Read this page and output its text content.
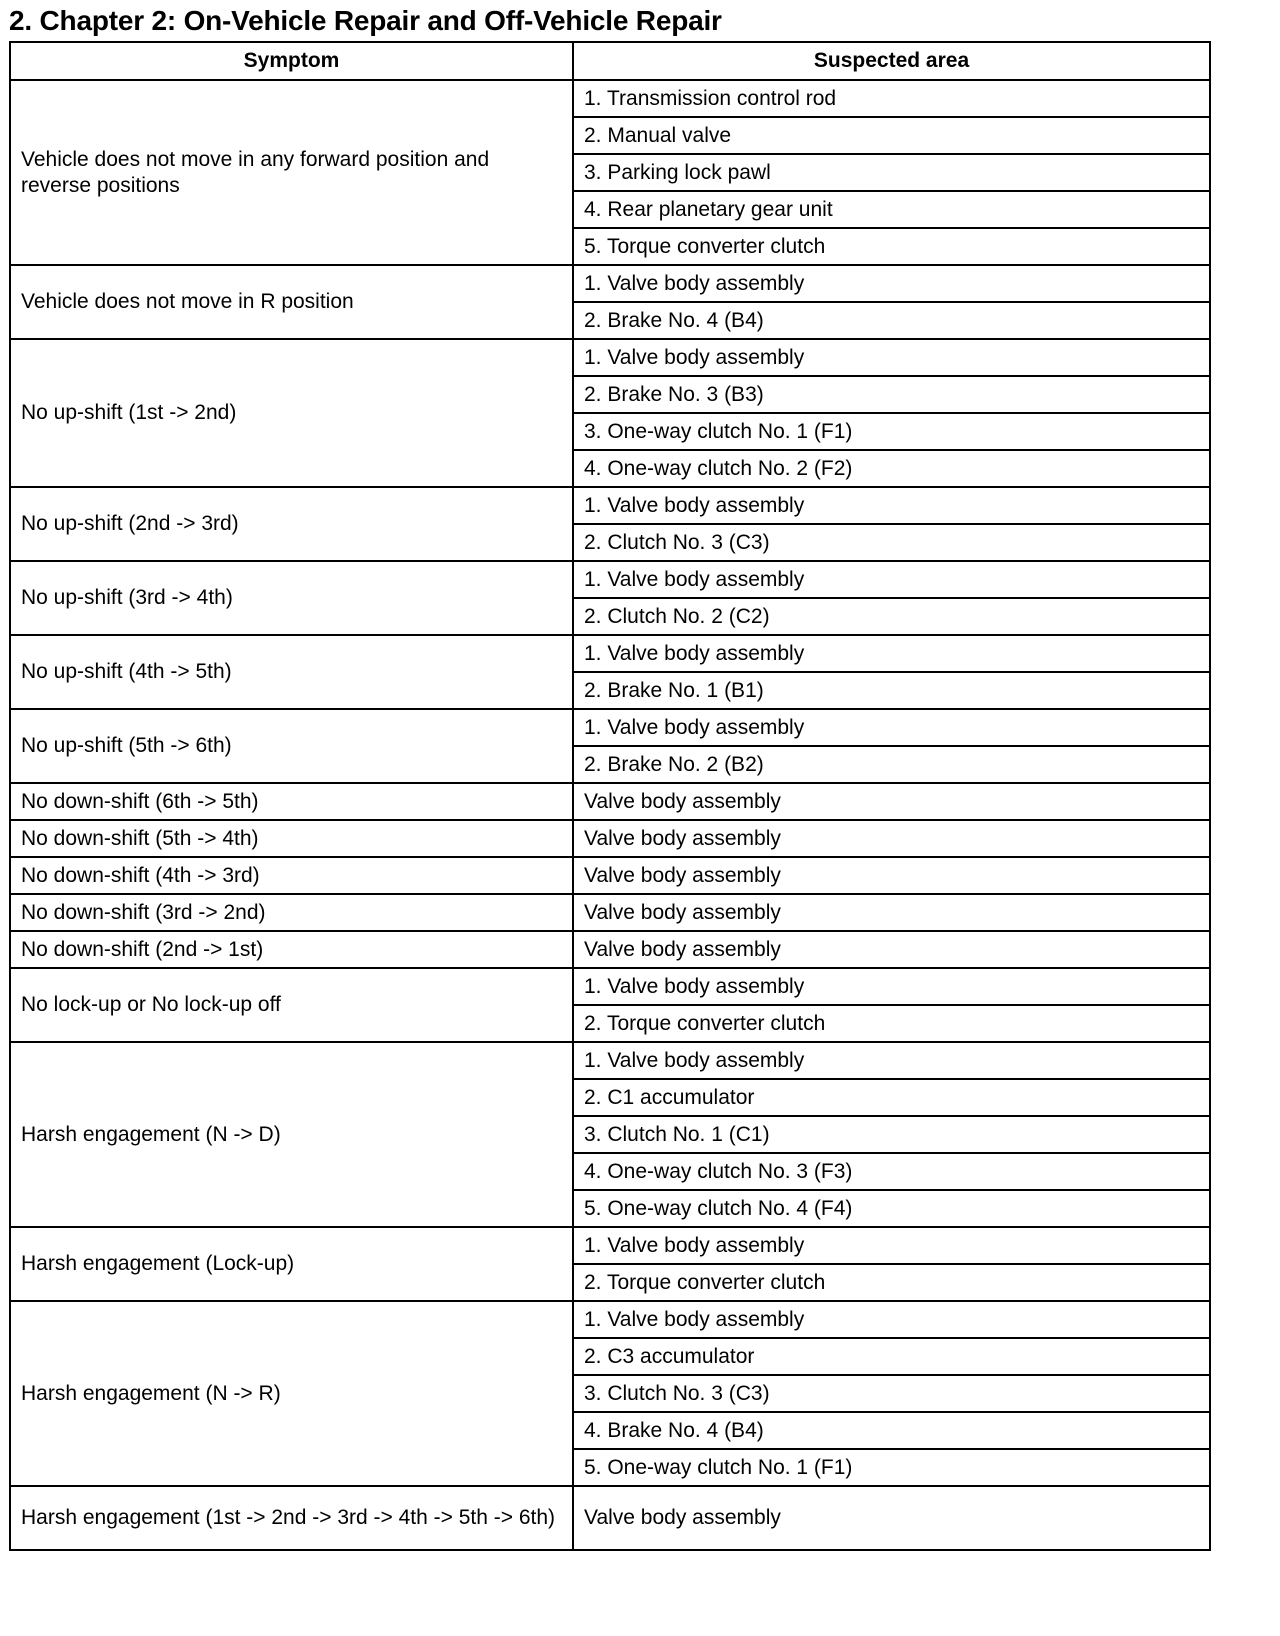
2. Chapter 2: On-Vehicle Repair and Off-Vehicle Repair
Symptom	Suspected area
Vehicle does not move in any forward position and reverse positions	1. Transmission control rod
	2. Manual valve
	3. Parking lock pawl
	4. Rear planetary gear unit
	5. Torque converter clutch
Vehicle does not move in R position	1. Valve body assembly
	2. Brake No. 4 (B4)
No up-shift (1st -> 2nd)	1. Valve body assembly
	2. Brake No. 3 (B3)
	3. One-way clutch No. 1 (F1)
	4. One-way clutch No. 2 (F2)
No up-shift (2nd -> 3rd)	1. Valve body assembly
	2. Clutch No. 3 (C3)
No up-shift (3rd -> 4th)	1. Valve body assembly
	2. Clutch No. 2 (C2)
No up-shift (4th -> 5th)	1. Valve body assembly
	2. Brake No. 1 (B1)
No up-shift (5th -> 6th)	1. Valve body assembly
	2. Brake No. 2 (B2)
No down-shift (6th -> 5th)	Valve body assembly
No down-shift (5th -> 4th)	Valve body assembly
No down-shift (4th -> 3rd)	Valve body assembly
No down-shift (3rd -> 2nd)	Valve body assembly
No down-shift (2nd -> 1st)	Valve body assembly
No lock-up or No lock-up off	1. Valve body assembly
	2. Torque converter clutch
Harsh engagement (N -> D)	1. Valve body assembly
	2. C1 accumulator
	3. Clutch No. 1 (C1)
	4. One-way clutch No. 3 (F3)
	5. One-way clutch No. 4 (F4)
Harsh engagement (Lock-up)	1. Valve body assembly
	2. Torque converter clutch
Harsh engagement (N -> R)	1. Valve body assembly
	2. C3 accumulator
	3. Clutch No. 3 (C3)
	4. Brake No. 4 (B4)
	5. One-way clutch No. 1 (F1)
Harsh engagement (1st -> 2nd -> 3rd -> 4th -> 5th -> 6th)	Valve body assembly
